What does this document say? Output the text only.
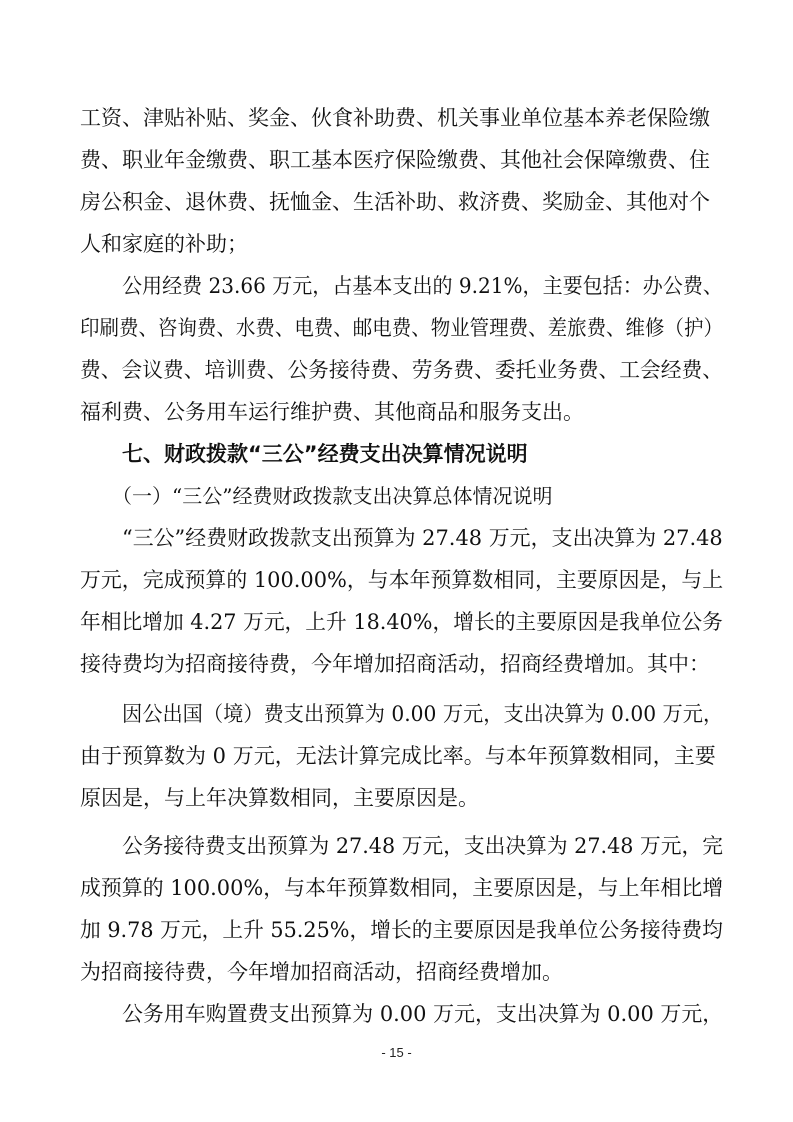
工资、津贴补贴、奖金、伙食补助费、机关事业单位基本养老保险缴
费、职业年金缴费、职工基本医疗保险缴费、其他社会保障缴费、住
房公积金、退休费、抚恤金、生活补助、救济费、奖励金、其他对个
人和家庭的补助；
公用经费 23.66 万元，占基本支出的 9.21%，主要包括：办公费、
印刷费、咨询费、水费、电费、邮电费、物业管理费、差旅费、维修（护）
费、会议费、培训费、公务接待费、劳务费、委托业务费、工会经费、
福利费、公务用车运行维护费、其他商品和服务支出。
七、财政拨款“三公”经费支出决算情况说明
（一）“三公”经费财政拨款支出决算总体情况说明
“三公”经费财政拨款支出预算为 27.48 万元，支出决算为 27.48
万元，完成预算的 100.00%，与本年预算数相同，主要原因是，与上
年相比增加 4.27 万元，上升 18.40%，增长的主要原因是我单位公务
接待费均为招商接待费，今年增加招商活动，招商经费增加。其中：
因公出国（境）费支出预算为 0.00 万元，支出决算为 0.00 万元，
由于预算数为 0 万元，无法计算完成比率。与本年预算数相同，主要
原因是，与上年决算数相同，主要原因是。
公务接待费支出预算为 27.48 万元，支出决算为 27.48 万元，完
成预算的 100.00%，与本年预算数相同，主要原因是，与上年相比增
加 9.78 万元，上升 55.25%，增长的主要原因是我单位公务接待费均
为招商接待费，今年增加招商活动，招商经费增加。
公务用车购置费支出预算为 0.00 万元，支出决算为 0.00 万元，
- 15 -
